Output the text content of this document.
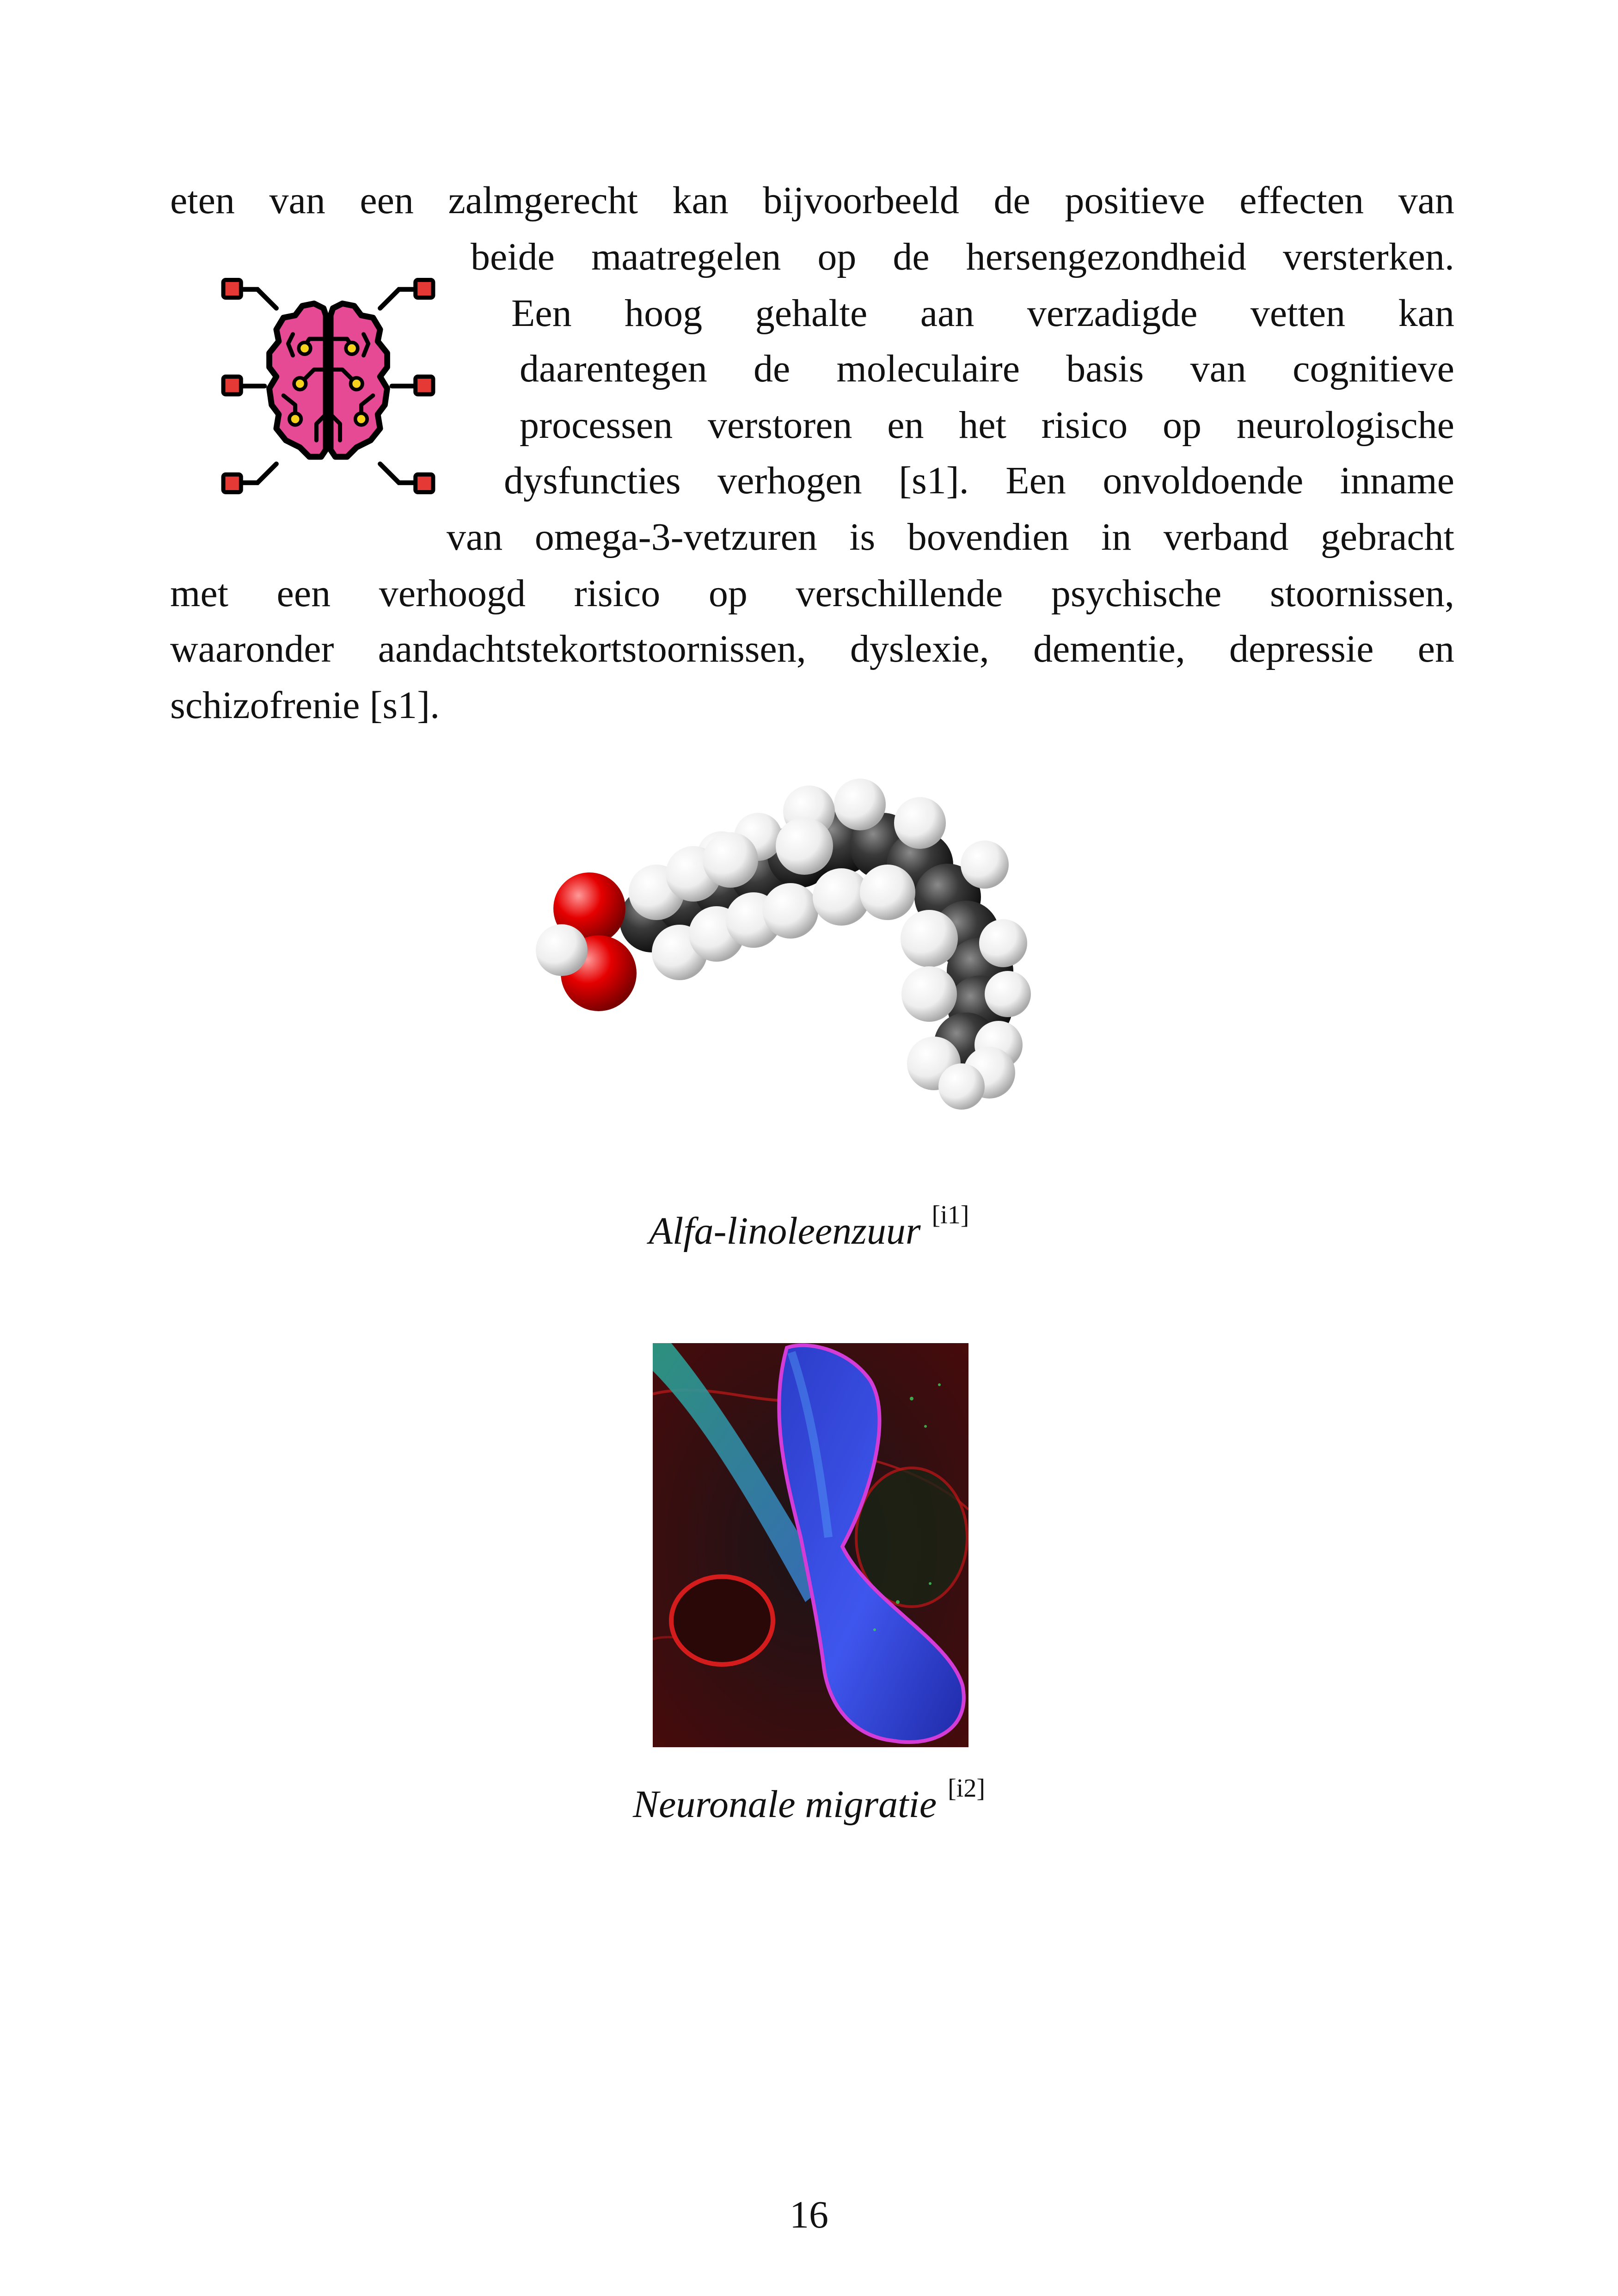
eten van een zalmgerecht kan bijvoorbeeld de positieve effecten van
beide maatregelen op de hersengezondheid versterken.
Een hoog gehalte aan verzadigde vetten kan
daarentegen de moleculaire basis van cognitieve
processen verstoren en het risico op neurologische
dysfuncties verhogen [s1]. Een onvoldoende inname
van omega-3-vetzuren is bovendien in verband gebracht
met een verhoogd risico op verschillende psychische stoornissen,
waaronder aandachtstekortstoornissen, dyslexie, dementie, depressie en
schizofrenie [s1].
Alfa-linoleenzuur [i1]
Neuronale migratie [i2]
16
